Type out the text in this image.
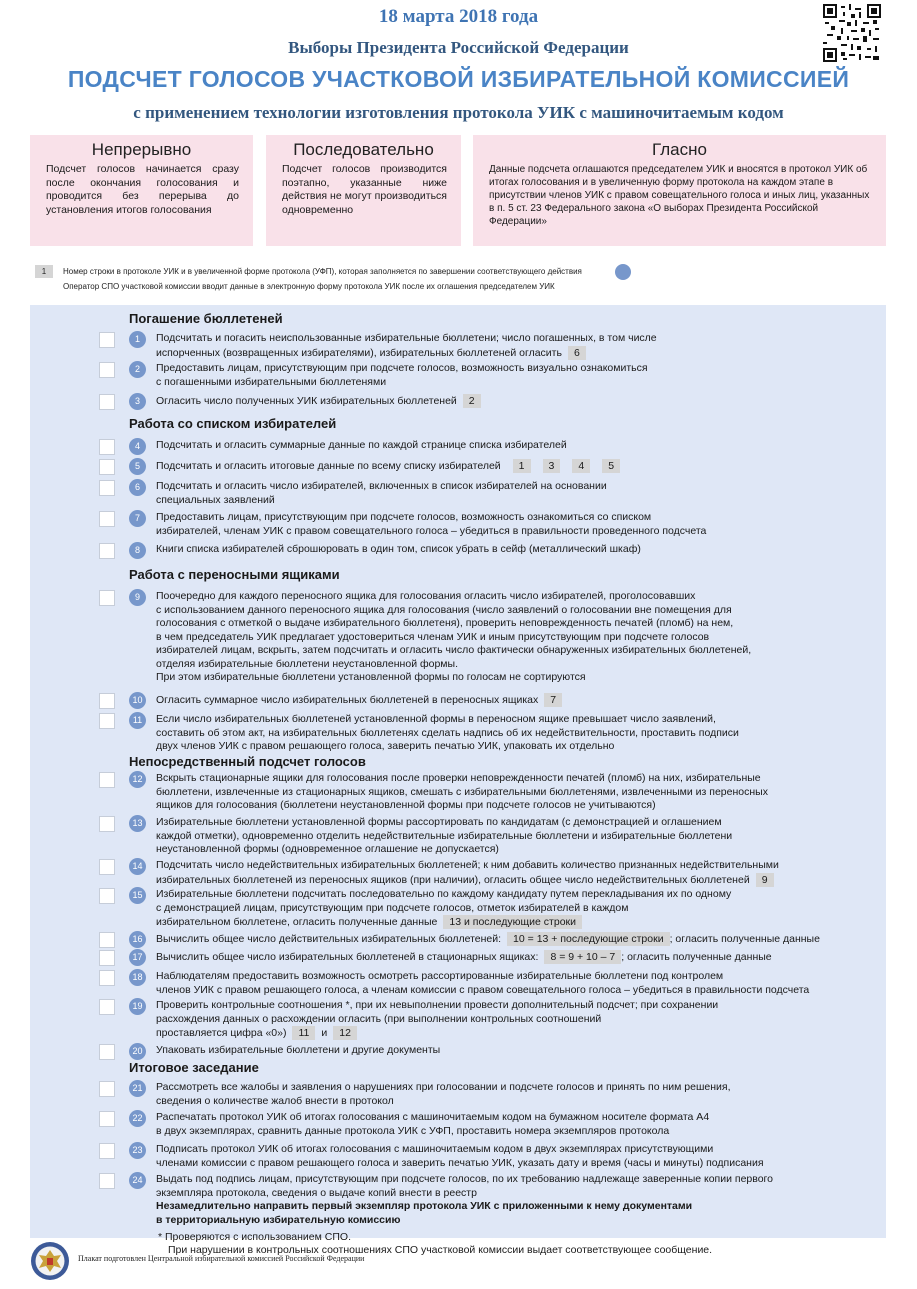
18 марта 2018 года
Выборы Президента Российской Федерации
ПОДСЧЕТ ГОЛОСОВ УЧАСТКОВОЙ ИЗБИРАТЕЛЬНОЙ КОМИССИЕЙ
с применением технологии изготовления протокола УИК с машиночитаемым кодом
Непрерывно
Подсчет голосов начинается сразу после окончания голосования и проводится без перерыва до установления итогов голосования
Последовательно
Подсчет голосов производится поэтапно, указанные ниже действия не могут производиться одновременно
Гласно
Данные подсчета оглашаются председателем УИК и вносятся в протокол УИК об итогах голосования и в увеличенную форму протокола на каждом этапе в присутствии членов УИК с правом совещательного голоса и иных лиц, указанных в п. 5 ст. 23 Федерального закона «О выборах Президента Российской Федерации»
1 Номер строки в протоколе УИК и в увеличенной форме протокола (УФП), которая заполняется по завершении соответствующего действия
Оператор СПО участковой комиссии вводит данные в электронную форму протокола УИК после их оглашения председателем УИК
Погашение бюллетеней
Работа со списком избирателей
Работа с переносными ящиками
Непосредственный подсчет голосов
Итоговое заседание
1	Подсчитать и погасить неиспользованные избирательные бюллетени; число погашенных, в том числе
испорченных (возвращенных избирателями), избирательных бюллетеней огласить 6
2	Предоставить лицам, присутствующим при подсчете голосов, возможность визуально ознакомиться
с погашенными избирательными бюллетенями
3	Огласить число полученных УИК избирательных бюллетеней 2
4	Подсчитать и огласить суммарные данные по каждой странице списка избирателей
5	Подсчитать и огласить итоговые данные по всему списку избирателей 1 3 4 5
6	Подсчитать и огласить число избирателей, включенных в список избирателей на основании
специальных заявлений
7	Предоставить лицам, присутствующим при подсчете голосов, возможность ознакомиться со списком
избирателей, членам УИК с правом совещательного голоса – убедиться в правильности проведенного подсчета
8	Книги списка избирателей сброшюровать в один том, список убрать в сейф (металлический шкаф)
9	Поочередно для каждого переносного ящика для голосования огласить число избирателей, проголосовавших
с использованием данного переносного ящика для голосования (число заявлений о голосовании вне помещения для
голосования с отметкой о выдаче избирательного бюллетеня), проверить неповрежденность печатей (пломб) на нем,
в чем председатель УИК предлагает удостовериться членам УИК и иным присутствующим при подсчете голосов
избирателей лицам, вскрыть, затем подсчитать и огласить число фактически обнаруженных избирательных бюллетеней,
отделяя избирательные бюллетени неустановленной формы.
При этом избирательные бюллетени установленной формы по голосам не сортируются
10	Огласить суммарное число избирательных бюллетеней в переносных ящиках 7
11	Если число избирательных бюллетеней установленной формы в переносном ящике превышает число заявлений,
составить об этом акт, на избирательных бюллетенях сделать надпись об их недействительности, проставить подписи
двух членов УИК с правом решающего голоса, заверить печатью УИК, упаковать их отдельно
12	Вскрыть стационарные ящики для голосования после проверки неповрежденности печатей (пломб) на них, избирательные
бюллетени, извлеченные из стационарных ящиков, смешать с избирательными бюллетенями, извлеченными из переносных
ящиков для голосования (бюллетени неустановленной формы при подсчете голосов не учитываются)
13	Избирательные бюллетени установленной формы рассортировать по кандидатам (с демонстрацией и оглашением
каждой отметки), одновременно отделить недействительные избирательные бюллетени и избирательные бюллетени
неустановленной формы (одновременное оглашение не допускается)
14	Подсчитать число недействительных избирательных бюллетеней; к ним добавить количество признанных недействительными
избирательных бюллетеней из переносных ящиков (при наличии), огласить общее число недействительных бюллетеней 9
15	Избирательные бюллетени подсчитать последовательно по каждому кандидату путем перекладывания их по одному
с демонстрацией лицам, присутствующим при подсчете голосов, отметок избирателей в каждом
избирательном бюллетене, огласить полученные данные 13 и последующие строки
16	Вычислить общее число действительных избирательных бюллетеней: 10 = 13 + последующие строки ; огласить полученные данные
17	Вычислить общее число избирательных бюллетеней в стационарных ящиках: 8 = 9 + 10 – 7 ; огласить полученные данные
18	Наблюдателям предоставить возможность осмотреть рассортированные избирательные бюллетени под контролем
членов УИК с правом решающего голоса, а членам комиссии с правом совещательного голоса – убедиться в правильности подсчета
19	Проверить контрольные соотношения *, при их невыполнении провести дополнительный подсчет; при сохранении
расхождения данных о расхождении огласить (при выполнении контрольных соотношений
проставляется цифра «0») 11 и 12
20	Упаковать избирательные бюллетени и другие документы
21	Рассмотреть все жалобы и заявления о нарушениях при голосовании и подсчете голосов и принять по ним решения,
сведения о количестве жалоб внести в протокол
22	Распечатать протокол УИК об итогах голосования с машиночитаемым кодом на бумажном носителе формата А4
в двух экземплярах, сравнить данные протокола УИК с УФП, проставить номера экземпляров протокола
23	Подписать протокол УИК об итогах голосования с машиночитаемым кодом в двух экземплярах присутствующими
членами комиссии с правом решающего голоса и заверить печатью УИК, указать дату и время (часы и минуты) подписания
24	Выдать под подпись лицам, присутствующим при подсчете голосов, по их требованию надлежаще заверенные копии первого
экземпляра протокола, сведения о выдаче копий внести в реестр
Незамедлительно направить первый экземпляр протокола УИК с приложенными к нему документами
в территориальную избирательную комиссию
* Проверяются с использованием СПО.
При нарушении в контрольных соотношениях СПО участковой комиссии выдает соответствующее сообщение.
Плакат подготовлен Центральной избирательной комиссией Российской Федерации
